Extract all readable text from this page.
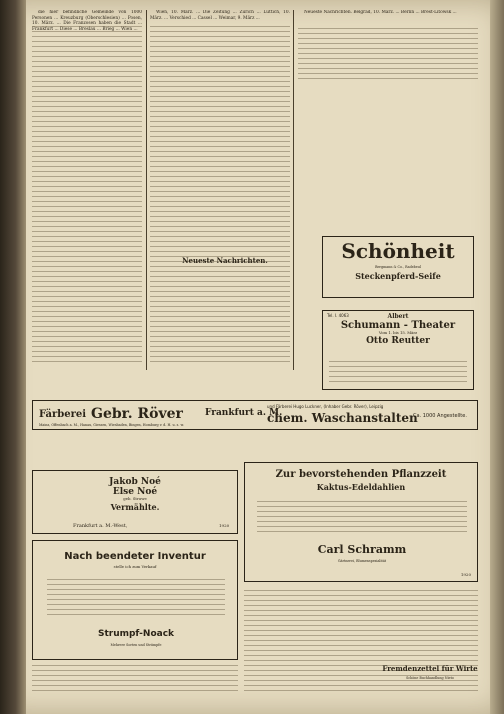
die hier befindliche Gemeinde von 1000 Personen ... Kreuzburg (Oberschlesien) ... Posen, 10. März. ... Die Franzosen haben die Stadt ... Frankfurt ... Diese ... Breslau ... Brieg ... Wien ...

Wien, 10. März. ... Die Zeitung ... Zürich ... Lüttich, 10. März. ... Verschied ... Cassel ... Weimar, 9. März ...

Neueste Nachrichten. Belgrad, 10. März. ... Berlin ... Brest-Litowsk ...

Neueste Nachrichten.	Schönheit
Bergmann & Co., Radebeul
Steckenpferd-Seife
Tel. I. 4063	Albert
Schumann - Theater
Vom 1. bis 15. März
Otto Reutter
Färberei Gebr. Röver Frankfurt a. M.
Mainz, Offenbach a. M., Hanau, Giessen, Wiesbaden, Bingen, Homburg v. d. H. u. s. w.
und Färberei Hugo Luckner, (Inhaber Gebr. Röver), Leipzig
chem. Waschanstalten
Ca. 1000 Angestellte.
Jakob Noé
Else Noé
geb. Struwe
Vermählte.
Frankfurt a. M.-West,	1920
Nach beendeter Inventur
stelle ich zum Verkauf
Strumpf-Noack
Mehrere Sorten und Strümpfe
Zur bevorstehenden Pflanzzeit
Kaktus-Edeldahlien
Carl Schramm
Gärtnerei, Blumenspezialität
1920
Fremdenzettel für Wirte
Schöne Buchhandlung Nieto
